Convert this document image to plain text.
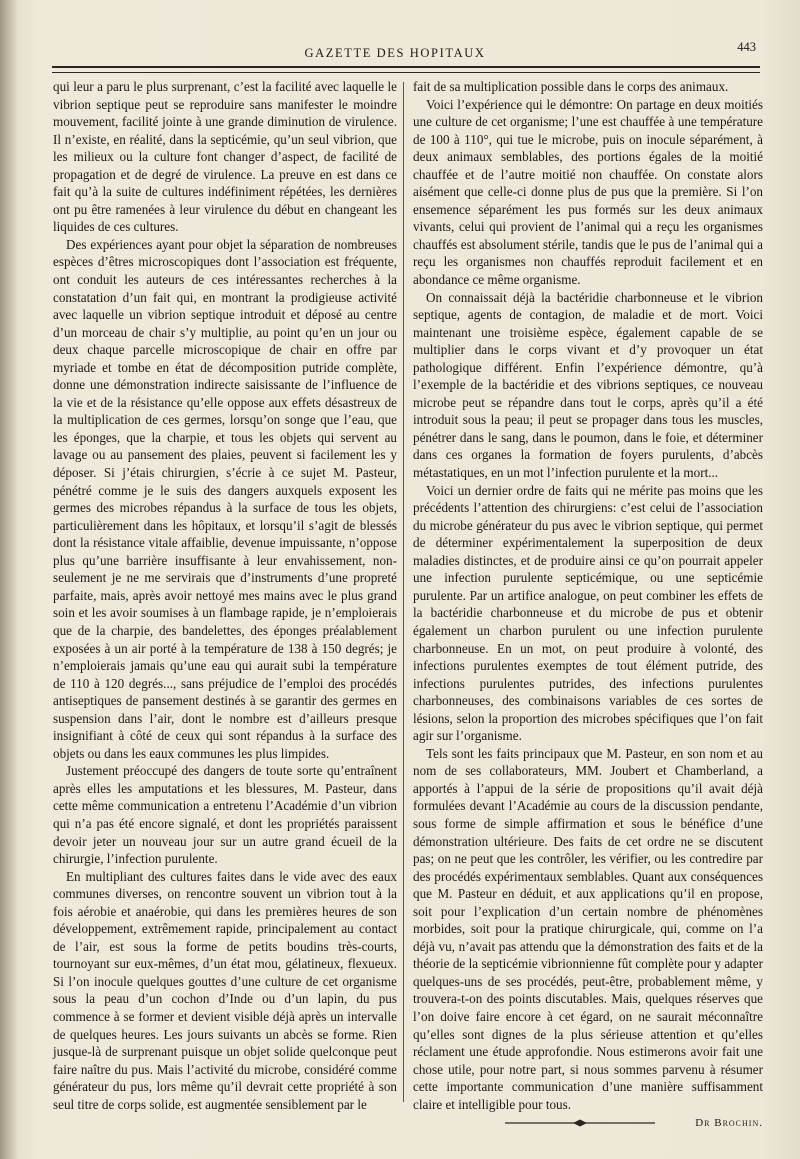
GAZETTE DES HOPITAUX	443

qui leur a paru le plus surprenant, c’est la facilité avec laquelle le vibrion septique peut se reproduire sans manifester le moindre mouvement, facilité jointe à une grande diminution de virulence. Il n’existe, en réalité, dans la septicémie, qu’un seul vibrion, que les milieux ou la culture font changer d’aspect, de facilité de propagation et de degré de virulence. La preuve en est dans ce fait qu’à la suite de cultures indéfiniment répétées, les dernières ont pu être ramenées à leur virulence du début en changeant les liquides de ces cultures.

Des expériences ayant pour objet la séparation de nombreuses espèces d’êtres microscopiques dont l’association est fréquente, ont conduit les auteurs de ces intéressantes recherches à la constatation d’un fait qui, en montrant la prodigieuse activité avec laquelle un vibrion septique introduit et déposé au centre d’un morceau de chair s’y multiplie, au point qu’en un jour ou deux chaque parcelle microscopique de chair en offre par myriade et tombe en état de décomposition putride complète, donne une démonstration indirecte saisissante de l’influence de la vie et de la résistance qu’elle oppose aux effets désastreux de la multiplication de ces germes, lorsqu’on songe que l’eau, que les éponges, que la charpie, et tous les objets qui servent au lavage ou au pansement des plaies, peuvent si facilement les y déposer. Si j’étais chirurgien, s’écrie à ce sujet M. Pasteur, pénétré comme je le suis des dangers auxquels exposent les germes des microbes répandus à la surface de tous les objets, particulièrement dans les hôpitaux, et lorsqu’il s’agit de blessés dont la résistance vitale affaiblie, devenue impuissante, n’oppose plus qu’une barrière insuffisante à leur envahissement, non-seulement je ne me servirais que d’instruments d’une propreté parfaite, mais, après avoir nettoyé mes mains avec le plus grand soin et les avoir soumises à un flambage rapide, je n’emploierais que de la charpie, des bandelettes, des éponges préalablement exposées à un air porté à la température de 138 à 150 degrés; je n’emploierais jamais qu’une eau qui aurait subi la température de 110 à 120 degrés..., sans préjudice de l’emploi des procédés antiseptiques de pansement destinés à se garantir des germes en suspension dans l’air, dont le nombre est d’ailleurs presque insignifiant à côté de ceux qui sont répandus à la surface des objets ou dans les eaux communes les plus limpides.

Justement préoccupé des dangers de toute sorte qu’entraînent après elles les amputations et les blessures, M. Pasteur, dans cette même communication a entretenu l’Académie d’un vibrion qui n’a pas été encore signalé, et dont les propriétés paraissent devoir jeter un nouveau jour sur un autre grand écueil de la chirurgie, l’infection purulente.

En multipliant des cultures faites dans le vide avec des eaux communes diverses, on rencontre souvent un vibrion tout à la fois aérobie et anaérobie, qui dans les premières heures de son développement, extrêmement rapide, principalement au contact de l’air, est sous la forme de petits boudins très-courts, tournoyant sur eux-mêmes, d’un état mou, gélatineux, flexueux. Si l’on inocule quelques gouttes d’une culture de cet organisme sous la peau d’un cochon d’Inde ou d’un lapin, du pus commence à se former et devient visible déjà après un intervalle de quelques heures. Les jours suivants un abcès se forme. Rien jusque-là de surprenant puisque un objet solide quelconque peut faire naître du pus. Mais l’activité du microbe, considéré comme générateur du pus, lors même qu’il devrait cette propriété à son seul titre de corps solide, est augmentée sensiblement par le

fait de sa multiplication possible dans le corps des animaux.

Voici l’expérience qui le démontre: On partage en deux moitiés une culture de cet organisme; l’une est chauffée à une température de 100 à 110°, qui tue le microbe, puis on inocule séparément, à deux animaux semblables, des portions égales de la moitié chauffée et de l’autre moitié non chauffée. On constate alors aisément que celle-ci donne plus de pus que la première. Si l’on ensemence séparément les pus formés sur les deux animaux vivants, celui qui provient de l’animal qui a reçu les organismes chauffés est absolument stérile, tandis que le pus de l’animal qui a reçu les organismes non chauffés reproduit facilement et en abondance ce même organisme.

On connaissait déjà la bactéridie charbonneuse et le vibrion septique, agents de contagion, de maladie et de mort. Voici maintenant une troisième espèce, également capable de se multiplier dans le corps vivant et d’y provoquer un état pathologique différent. Enfin l’expérience démontre, qu’à l’exemple de la bactéridie et des vibrions septiques, ce nouveau microbe peut se répandre dans tout le corps, après qu’il a été introduit sous la peau; il peut se propager dans tous les muscles, pénétrer dans le sang, dans le poumon, dans le foie, et déterminer dans ces organes la formation de foyers purulents, d’abcès métastatiques, en un mot l’infection purulente et la mort...

Voici un dernier ordre de faits qui ne mérite pas moins que les précédents l’attention des chirurgiens: c’est celui de l’association du microbe générateur du pus avec le vibrion septique, qui permet de déterminer expérimentalement la superposition de deux maladies distinctes, et de produire ainsi ce qu’on pourrait appeler une infection purulente septicémique, ou une septicémie purulente. Par un artifice analogue, on peut combiner les effets de la bactéridie charbonneuse et du microbe de pus et obtenir également un charbon purulent ou une infection purulente charbonneuse. En un mot, on peut produire à volonté, des infections purulentes exemptes de tout élément putride, des infections purulentes putrides, des infections purulentes charbonneuses, des combinaisons variables de ces sortes de lésions, selon la proportion des microbes spécifiques que l’on fait agir sur l’organisme.

Tels sont les faits principaux que M. Pasteur, en son nom et au nom de ses collaborateurs, MM. Joubert et Chamberland, a apportés à l’appui de la série de propositions qu’il avait déjà formulées devant l’Académie au cours de la discussion pendante, sous forme de simple affirmation et sous le bénéfice d’une démonstration ultérieure. Des faits de cet ordre ne se discutent pas; on ne peut que les contrôler, les vérifier, ou les contredire par des procédés expérimentaux semblables. Quant aux conséquences que M. Pasteur en déduit, et aux applications qu’il en propose, soit pour l’explication d’un certain nombre de phénomènes morbides, soit pour la pratique chirurgicale, qui, comme on l’a déjà vu, n’avait pas attendu que la démonstration des faits et de la théorie de la septicémie vibrionnienne fût complète pour y adapter quelques-uns de ses procédés, peut-être, probablement même, y trouvera-t-on des points discutables. Mais, quelques réserves que l’on doive faire encore à cet égard, on ne saurait méconnaître qu’elles sont dignes de la plus sérieuse attention et qu’elles réclament une étude approfondie. Nous estimerons avoir fait une chose utile, pour notre part, si nous sommes parvenu à résumer cette importante communication d’une manière suffisamment claire et intelligible pour tous.

Dr Brochin.
